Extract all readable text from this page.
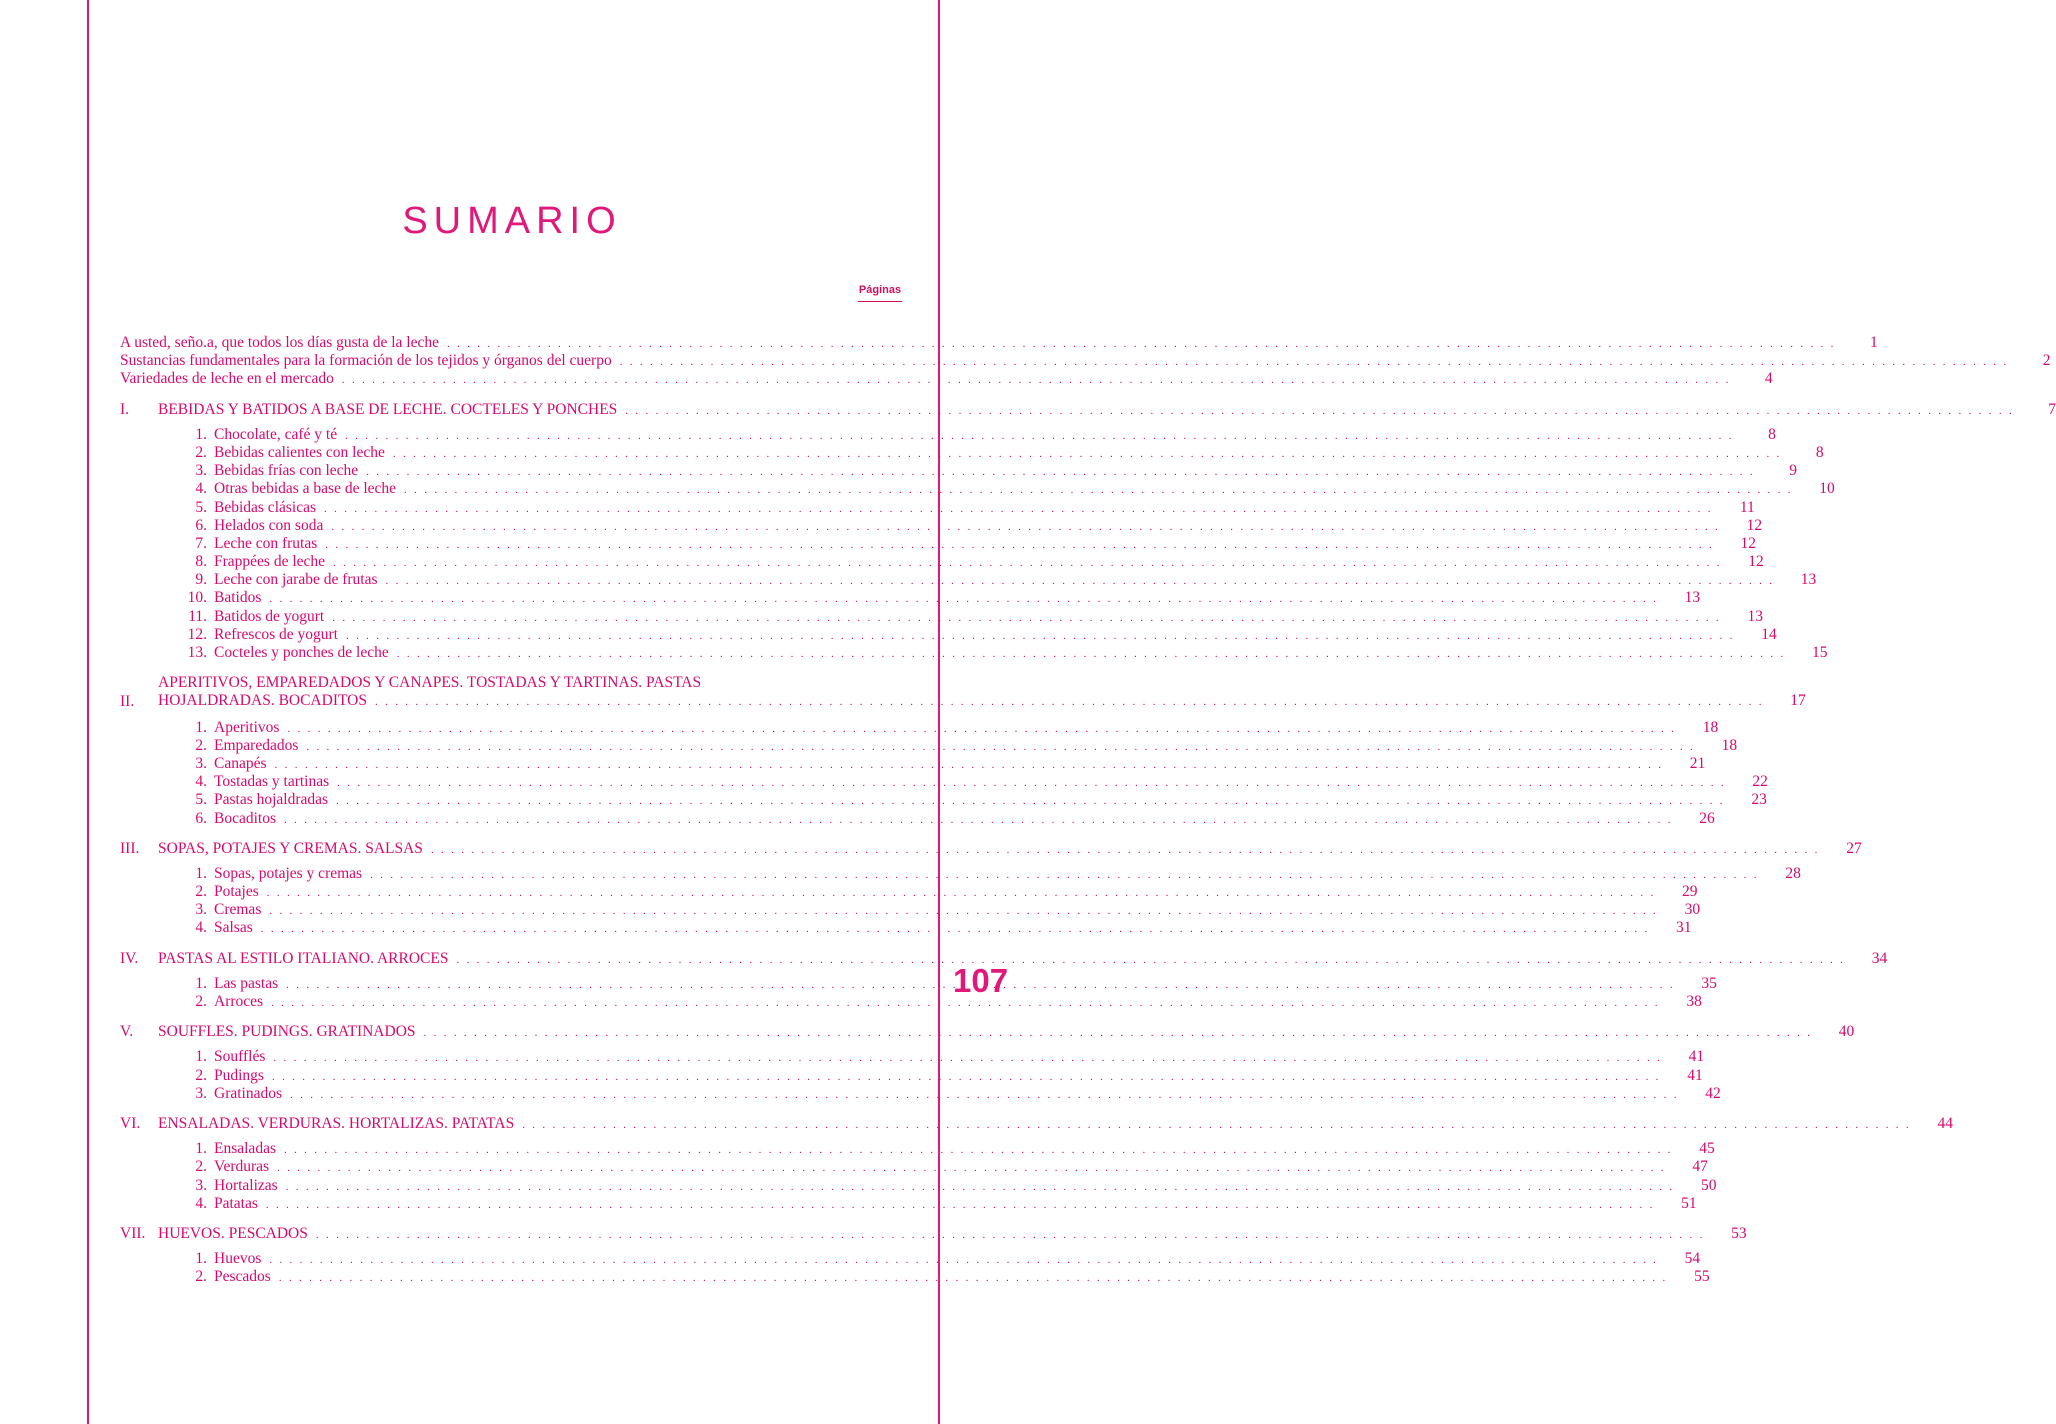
SUMARIO
Páginas
A usted, seño.a, que todos los días gusta de la leche . . .	1
Sustancias fundamentales para la formación de los tejidos y órganos del cuerpo . . .	2
Variedades de leche en el mercado . . .	4
I.	BEBIDAS Y BATIDOS A BASE DE LECHE. COCTELES Y PONCHES . . .	7
1. Chocolate, café y té . . .	8
2. Bebidas calientes con leche . . .	8
3. Bebidas frías con leche . . .	9
4. Otras bebidas a base de leche . . .	10
5. Bebidas clásicas . . .	11
6. Helados con soda . . .	12
7. Leche con frutas . . .	12
8. Frappées de leche . . .	12
9. Leche con jarabe de frutas . . .	13
10. Batidos . . .	13
11. Batidos de yogurt . . .	13
12. Refrescos de yogurt . . .	14
13. Cocteles y ponches de leche . . .	15
II.
APERITIVOS, EMPAREDADOS Y CANAPES. TOSTADAS Y TARTINAS. PASTAS
HOJALDRADAS. BOCADITOS . . .	17
1. Aperitivos . . .	18
2. Emparedados . . .	18
3. Canapés . . .	21
4. Tostadas y tartinas . . .	22
5. Pastas hojaldradas . . .	23
6. Bocaditos . . .	26
III.	SOPAS, POTAJES Y CREMAS. SALSAS . . .	27
1. Sopas, potajes y cremas . . .	28
2. Potajes . . .	29
3. Cremas . . .	30
4. Salsas . . .	31
IV.	PASTAS AL ESTILO ITALIANO. ARROCES . . .	34
1. Las pastas . . .	35
2. Arroces . . .	38
V.	SOUFFLES. PUDINGS. GRATINADOS . . .	40
1. Soufflés . . .	41
2. Pudings . . .	41
3. Gratinados . . .	42
VI.	ENSALADAS. VERDURAS. HORTALIZAS. PATATAS . . .	44
1. Ensaladas . . .	45
2. Verduras . . .	47
3. Hortalizas . . .	50
4. Patatas . . .	51
VII. HUEVOS. PESCADOS . . .	53
1. Huevos . . .	54
2. Pescados . . .	55
107
